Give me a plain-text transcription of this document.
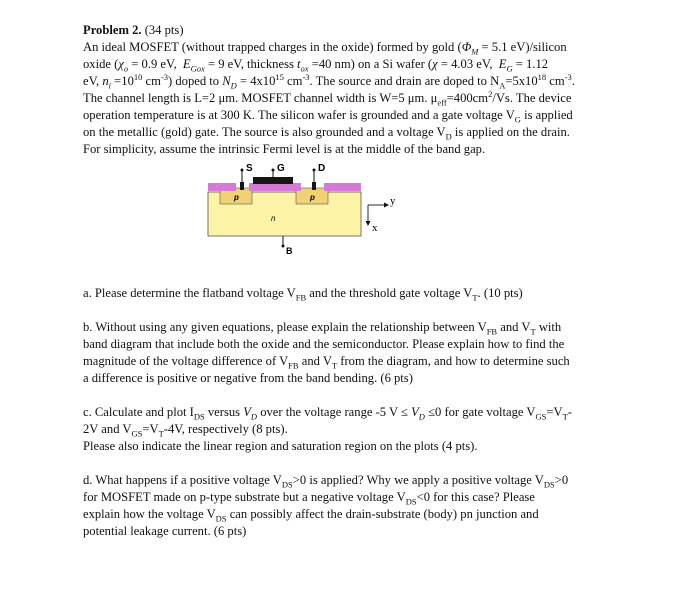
Problem 2. (34 pts)

An ideal MOSFET (without trapped charges in the oxide) formed by gold ($\Phi_M = 5.1$ eV)/silicon
oxide ($\chi_o = 0.9$ eV,  $E_{Gox} = 9$ eV, thickness $t_{ox} =40$ nm) on a Si wafer (χ = 4.03 eV,  $E_G = 1.12$
eV, $n_i =10^{10}$ $cm^{-3}$) doped to $N_D = 4x10^{15}$ $cm^{-3}$. The source and drain are doped to $N_A=5x10^{18}$ $cm^{-3}$.
The channel length is L=2 μm. MOSFET channel width is W=5 μm. $\mu_{eff}=400cm^2/Vs$. The device
operation temperature is at 300 K. The silicon wafer is grounded and a gate voltage $V_G$ is applied
on the metallic (gold) gate. The source is also grounded and a voltage $V_D$ is applied on the drain.
For simplicity, assume the intrinsic Fermi level is at the middle of the band gap.

S G	D
B
p	p
n
y
x

a. Please determine the flatband voltage $V_{FB}$ and the threshold gate voltage $V_T$. (10 pts)

b. Without using any given equations, please explain the relationship between $V_{FB}$ and $V_T$ with
band diagram that include both the oxide and the semiconductor. Please explain how to find the
magnitude of the voltage difference of $V_{FB}$ and $V_T$ from the diagram, and how to determine such
a difference is positive or negative from the band bending. (6 pts)

c. Calculate and plot $I_{DS}$ versus $V_D$ over the voltage range -5 $V \le V_D \le 0$ for gate voltage $V_{GS}=V_T-$
2V and $V_{GS}=V_T-4V$, respectively (8 pts).
Please also indicate the linear region and saturation region on the plots (4 pts).

d. What happens if a positive voltage $V_{DS}>0$ is applied? Why we apply a positive voltage $V_{DS}>0$
for MOSFET made on p-type substrate but a negative voltage $V_{DS}<0$ for this case? Please
explain how the voltage $V_{DS}$ can possibly affect the drain-substrate (body) pn junction and
potential leakage current. (6 pts)
